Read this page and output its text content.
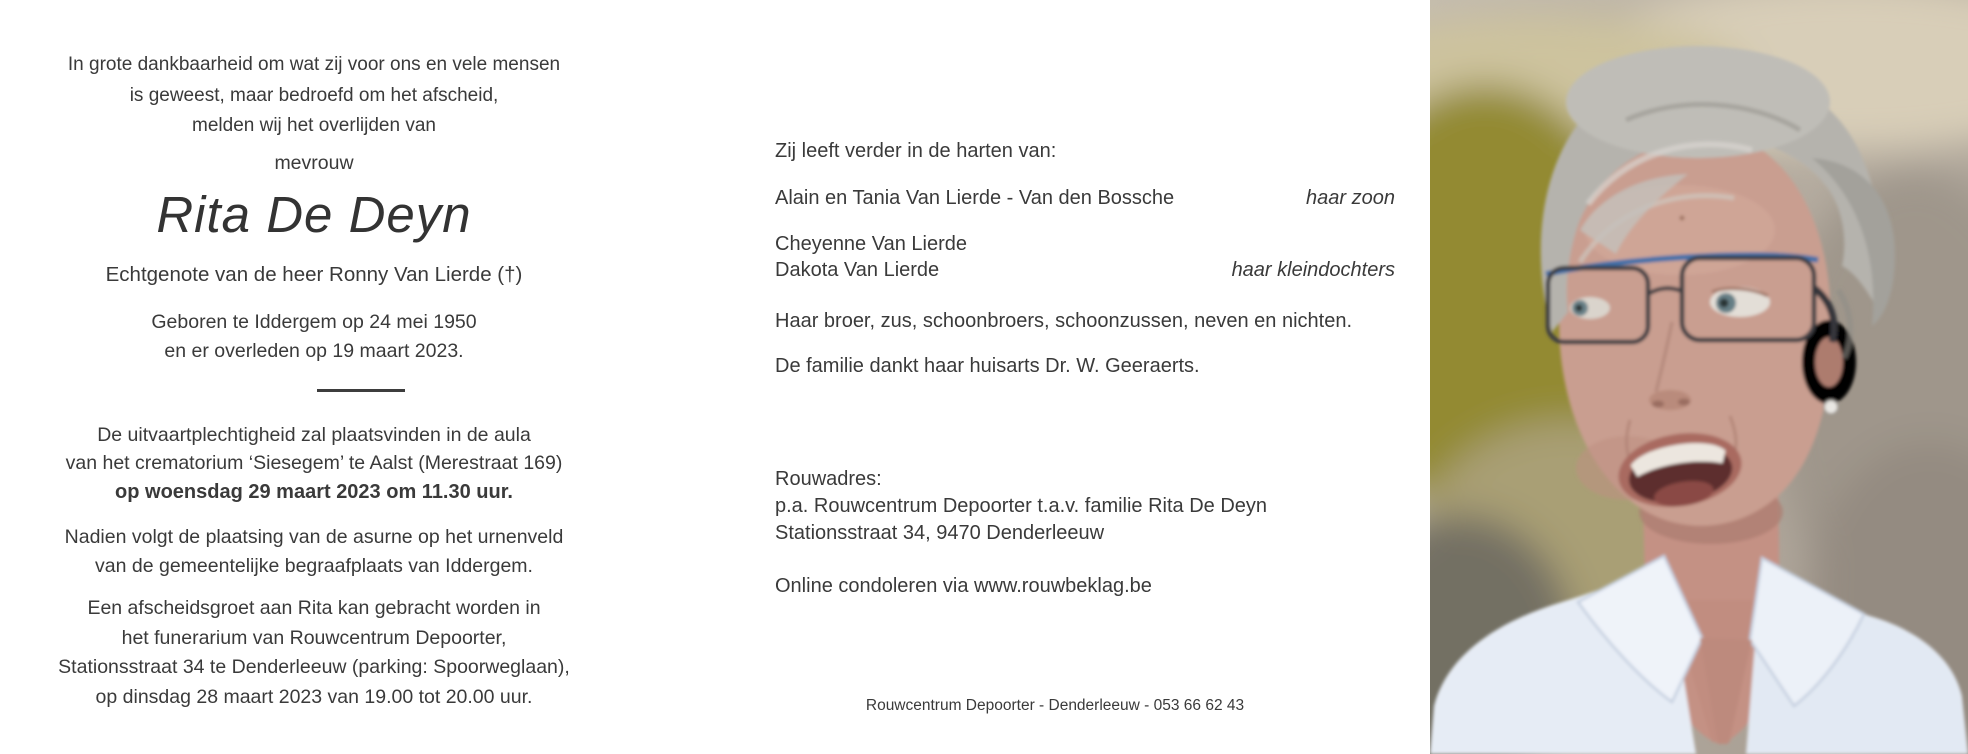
In grote dankbaarheid om wat zij voor ons en vele mensen
is geweest, maar bedroefd om het afscheid,
melden wij het overlijden van

mevrouw

Rita De Deyn

Echtgenote van de heer Ronny Van Lierde (†)

Geboren te Iddergem op 24 mei 1950
en er overleden op 19 maart 2023.

De uitvaartplechtigheid zal plaatsvinden in de aula
van het crematorium ‘Siesegem’ te Aalst (Merestraat 169)
op woensdag 29 maart 2023 om 11.30 uur.

Nadien volgt de plaatsing van de asurne op het urnenveld
van de gemeentelijke begraafplaats van Iddergem.

Een afscheidsgroet aan Rita kan gebracht worden in
het funerarium van Rouwcentrum Depoorter,
Stationsstraat 34 te Denderleeuw (parking: Spoorweglaan),
op dinsdag 28 maart 2023 van 19.00 tot 20.00 uur.

Zij leeft verder in de harten van:

Alain en Tania Van Lierde - Van den Bossche	haar zoon
Cheyenne Van Lierde
Dakota Van Lierde	haar kleindochters

Haar broer, zus, schoonbroers, schoonzussen, neven en nichten.

De familie dankt haar huisarts Dr. W. Geeraerts.

Rouwadres:
p.a. Rouwcentrum Depoorter t.a.v. familie Rita De Deyn
Stationsstraat 34, 9470 Denderleeuw

Online condoleren via www.rouwbeklag.be

Rouwcentrum Depoorter - Denderleeuw - 053 66 62 43
